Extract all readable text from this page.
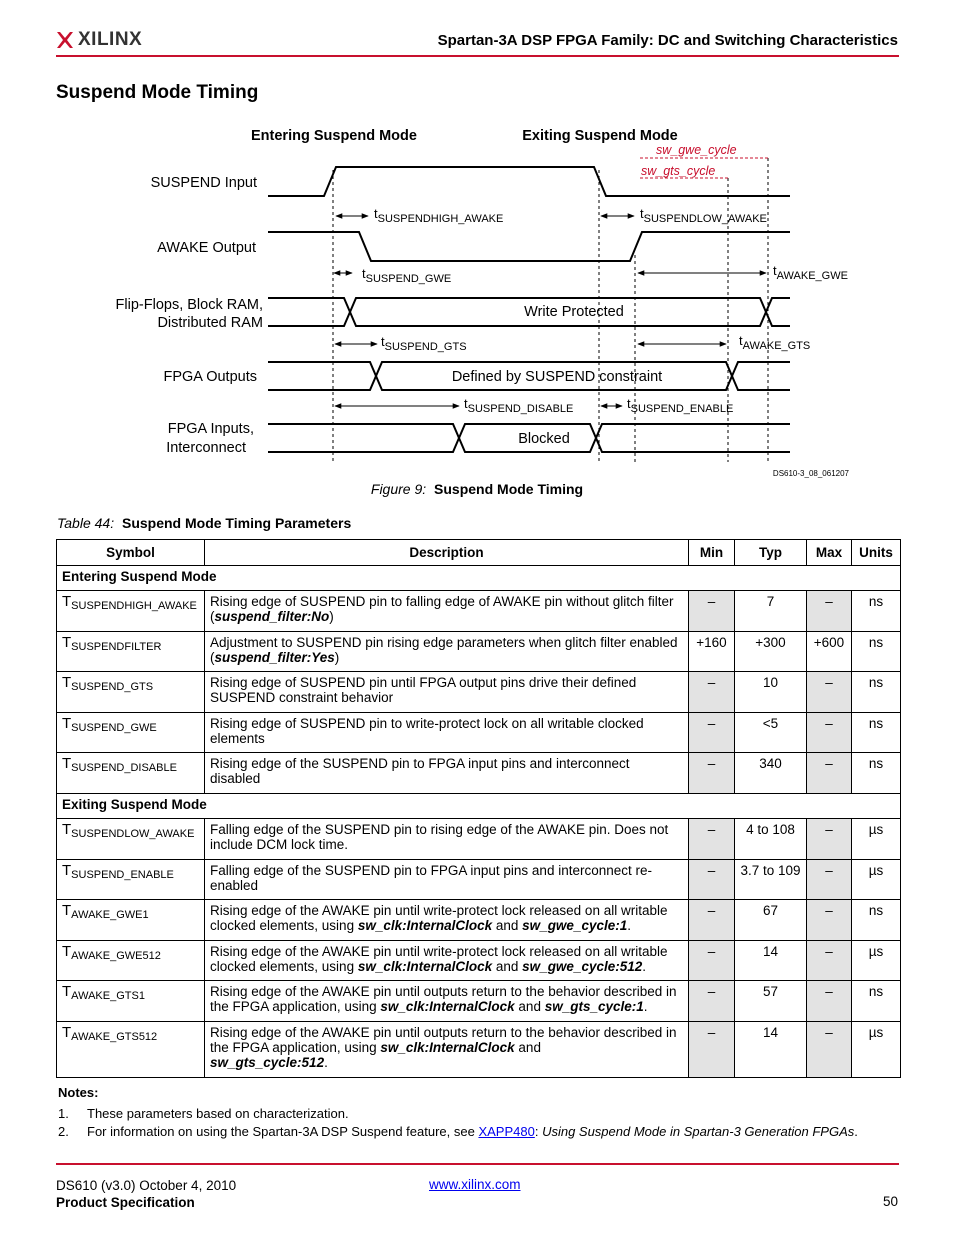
XILINX	Spartan-3A DSP FPGA Family: DC and Switching Characteristics
Suspend Mode Timing
Entering Suspend Mode	Exiting Suspend Mode
sw_gwe_cycle
sw_gts_cycle
SUSPEND Input
AWAKE Output
Flip-Flops, Block RAM,
Distributed RAM
FPGA Outputs
FPGA Inputs,
Interconnect
Write Protected
Defined by SUSPEND constraint
Blocked
$t_{SUSPENDHIGH\_AWAKE}$	$t_{SUSPENDLOW\_AWAKE}$
$t_{SUSPEND\_GWE}$
$t_{AWAKE\_GWE}$
$t_{SUSPEND\_GTS}$	$t_{AWAKE\_GTS}$
$t_{SUSPEND\_DISABLE}$	$t_{SUSPEND\_ENABLE}$
DS610-3_08_061207
Figure 9: Suspend Mode Timing
Table 44: Suspend Mode Timing Parameters
Symbol	Description	Min	Typ	Max	Units
Entering Suspend Mode					
$T_{SUSPENDHIGH\_AWAKE}$	Rising edge of SUSPEND pin to falling edge of AWAKE pin without glitch filter (suspend_filter:No)	–	7	–	ns
$T_{SUSPENDFILTER}$	Adjustment to SUSPEND pin rising edge parameters when glitch filter enabled (suspend_filter:Yes)	+160	+300	+600	ns
$T_{SUSPEND\_GTS}$	Rising edge of SUSPEND pin until FPGA output pins drive their defined SUSPEND constraint behavior	–	10	–	ns
$T_{SUSPEND\_GWE}$	Rising edge of SUSPEND pin to write-protect lock on all writable clocked elements	–	<5	–	ns
$T_{SUSPEND\_DISABLE}$	Rising edge of the SUSPEND pin to FPGA input pins and interconnect disabled	–	340	–	ns
Exiting Suspend Mode					
$T_{SUSPENDLOW\_AWAKE}$	Falling edge of the SUSPEND pin to rising edge of the AWAKE pin. Does not include DCM lock time.	–	4 to 108	–	µs
$T_{SUSPEND\_ENABLE}$	Falling edge of the SUSPEND pin to FPGA input pins and interconnect re-enabled	–	3.7 to 109	–	µs
$T_{AWAKE\_GWE1}$	Rising edge of the AWAKE pin until write-protect lock released on all writable clocked elements, using sw_clk:InternalClock and sw_gwe_cycle:1.	–	67	–	ns
$T_{AWAKE\_GWE512}$	Rising edge of the AWAKE pin until write-protect lock released on all writable clocked elements, using sw_clk:InternalClock and sw_gwe_cycle:512.	–	14	–	µs
$T_{AWAKE\_GTS1}$	Rising edge of the AWAKE pin until outputs return to the behavior described in the FPGA application, using sw_clk:InternalClock and sw_gts_cycle:1.	–	57	–	ns
$T_{AWAKE\_GTS512}$	Rising edge of the AWAKE pin until outputs return to the behavior described in the FPGA application, using sw_clk:InternalClock and
sw_gts_cycle:512.	–	14	–	µs
Notes:
1. These parameters based on characterization.
2. For information on using the Spartan-3A DSP Suspend feature, see XAPP480: Using Suspend Mode in Spartan-3 Generation FPGAs.
DS610 (v3.0) October 4, 2010
Product Specification
www.xilinx.com
50
